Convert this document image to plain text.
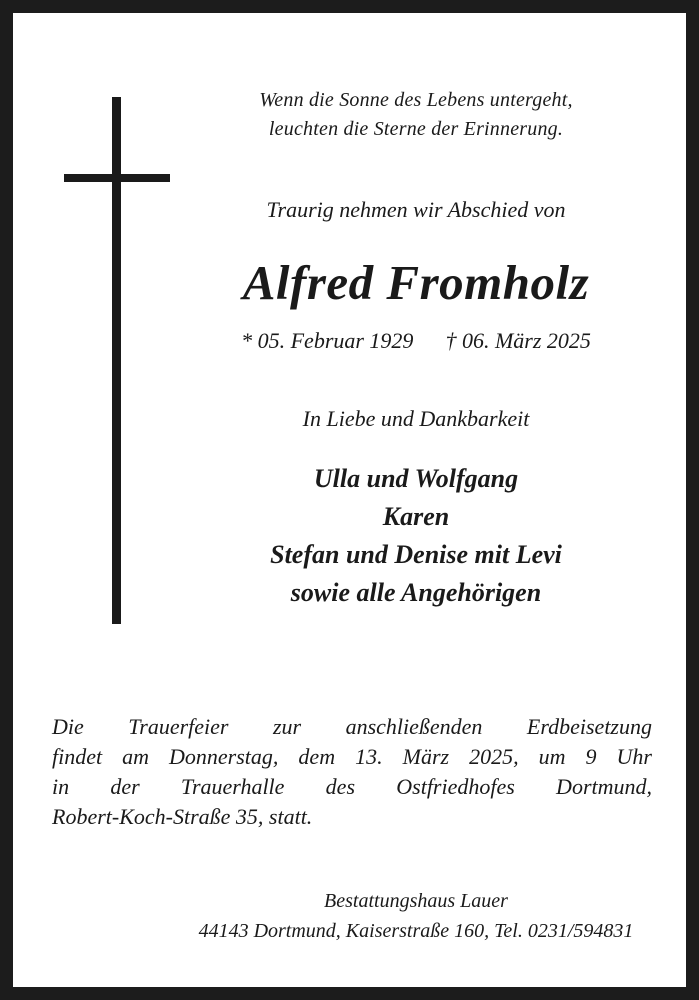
Wenn die Sonne des Lebens untergeht,
leuchten die Sterne der Erinnerung.
Traurig nehmen wir Abschied von
Alfred Fromholz
* 05. Februar 1929 † 06. März 2025
In Liebe und Dankbarkeit
Ulla und Wolfgang
Karen
Stefan und Denise mit Levi
sowie alle Angehörigen
Die Trauerfeier zur anschließenden Erdbeisetzung
findet am Donnerstag, dem 13. März 2025, um 9 Uhr
in der Trauerhalle des Ostfriedhofes Dortmund,
Robert-Koch-Straße 35, statt.
Bestattungshaus Lauer
44143 Dortmund, Kaiserstraße 160, Tel. 0231/594831
